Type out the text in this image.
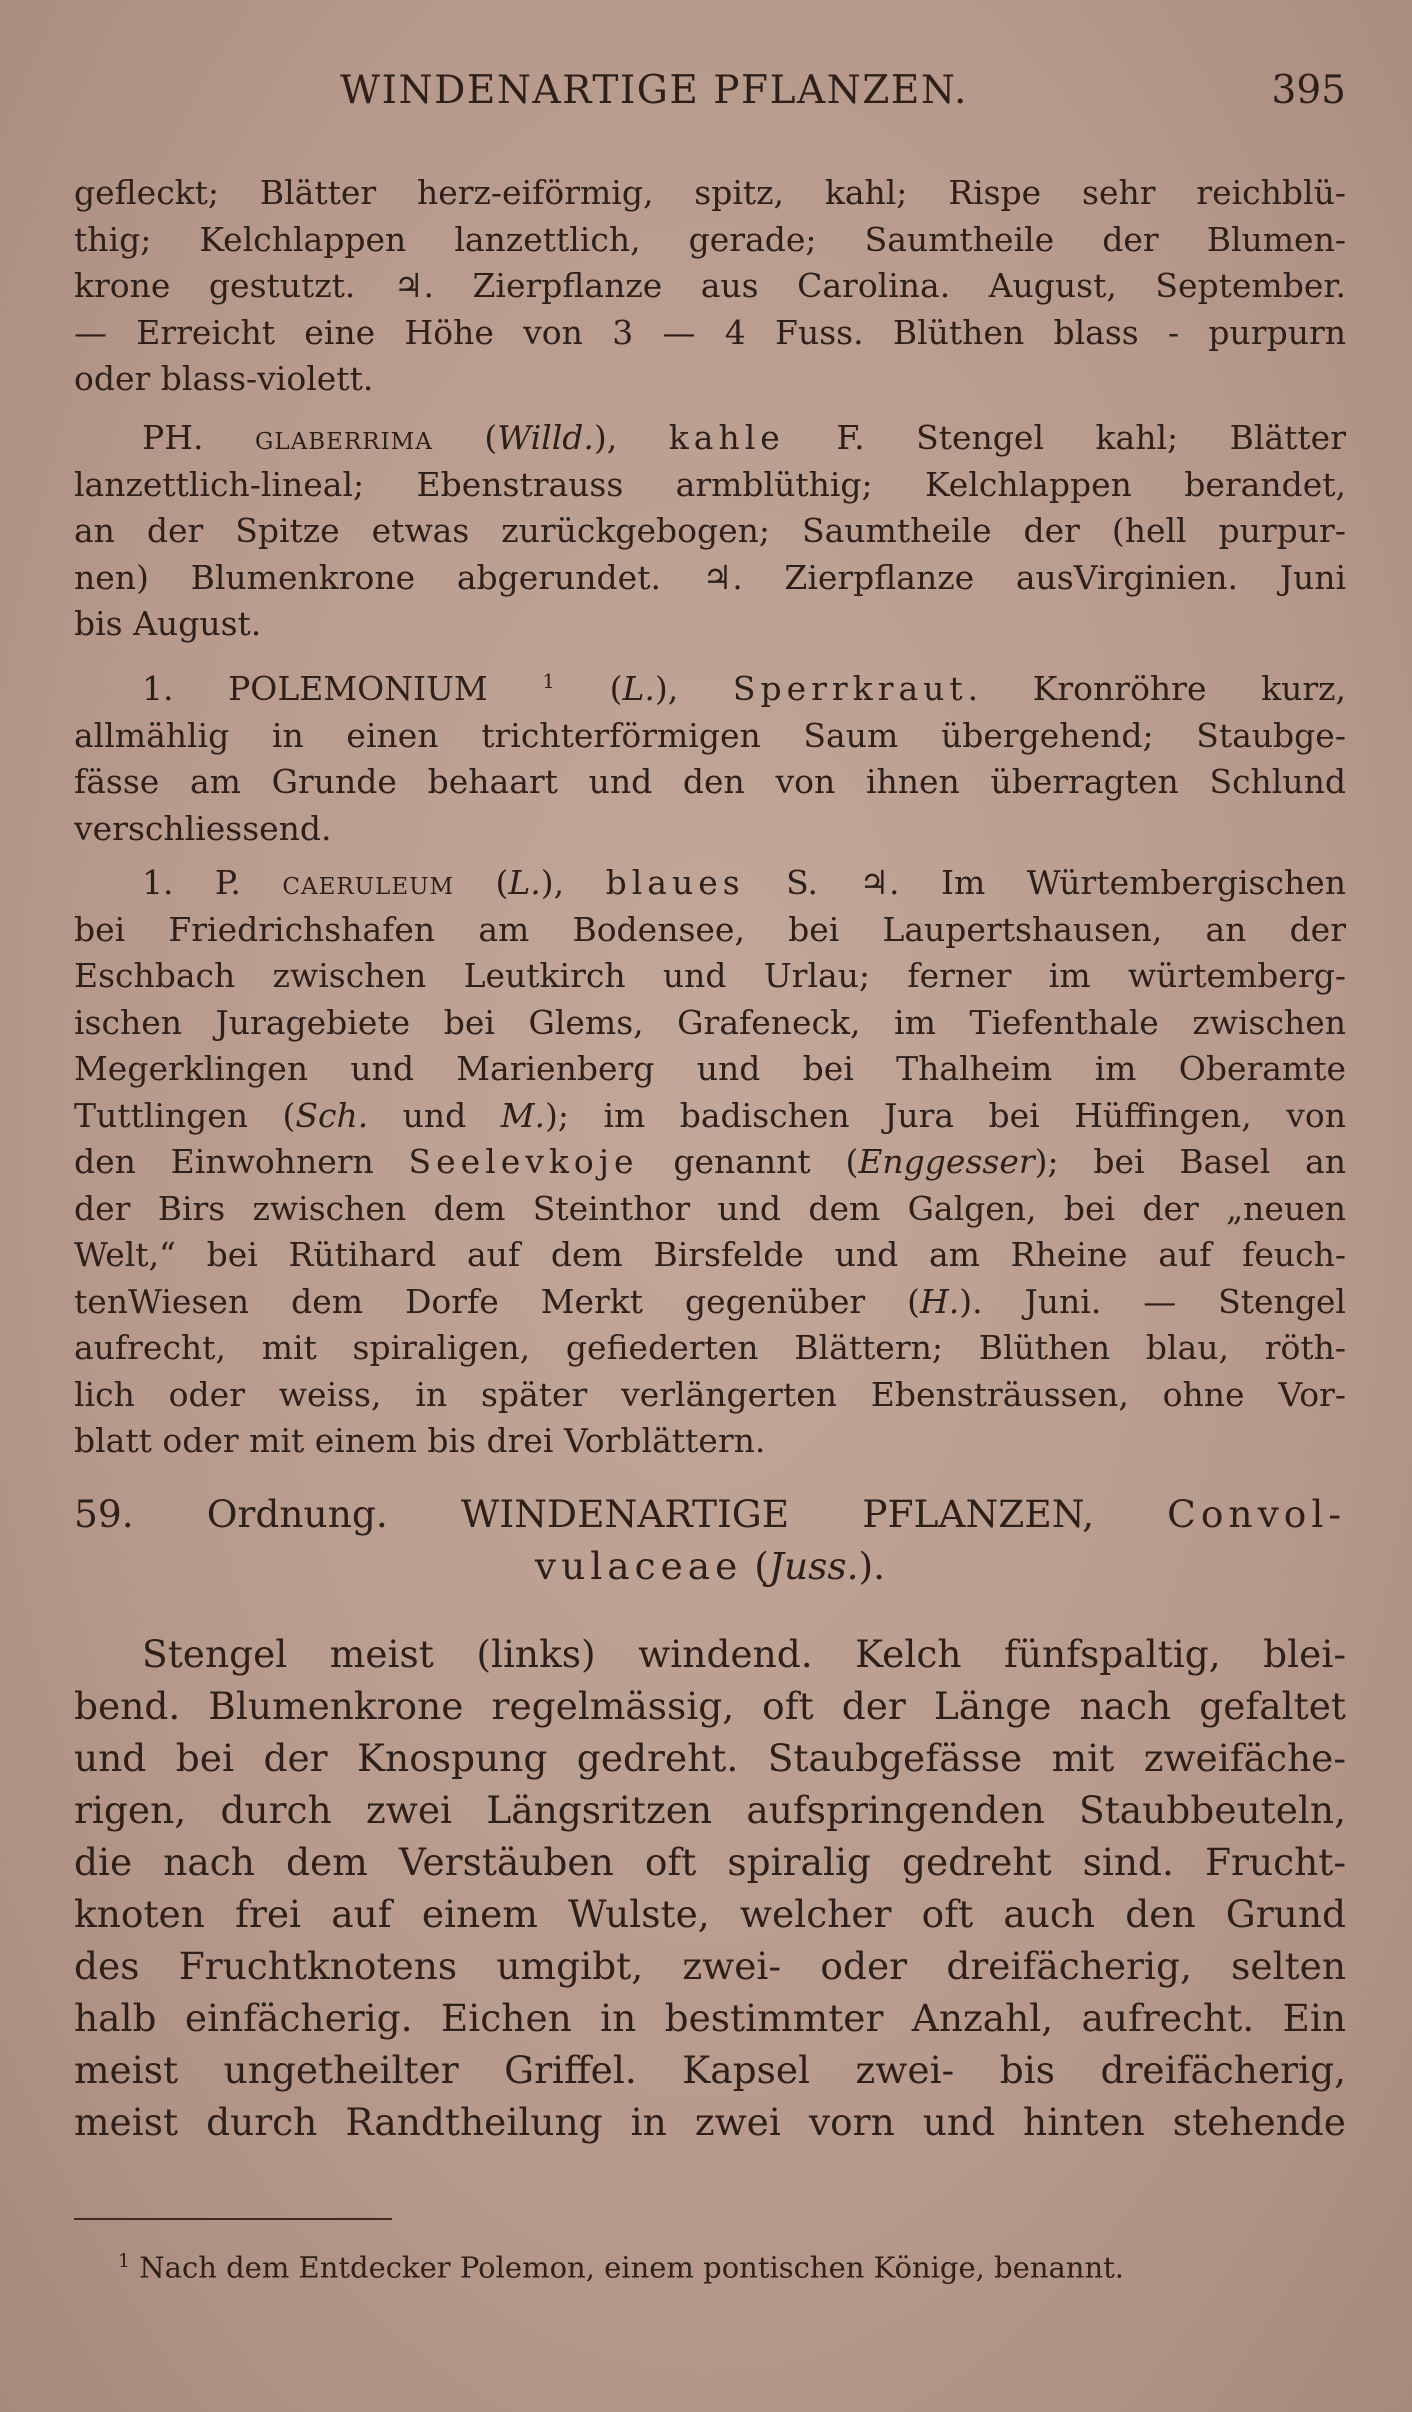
WINDENARTIGE PFLANZEN.	395
gefleckt; Blätter herz-eiförmig, spitz, kahl; Rispe sehr reichblü-
thig; Kelchlappen lanzettlich, gerade; Saumtheile der Blumen-
krone gestutzt. ♃. Zierpflanze aus Carolina. August, September.
— Erreicht eine Höhe von 3 — 4 Fuss. Blüthen blass - purpurn
oder blass-violett.
PH. glaberrima (Willd.), kahle F. Stengel kahl; Blätter
lanzettlich-lineal; Ebenstrauss armblüthig; Kelchlappen berandet,
an der Spitze etwas zurückgebogen; Saumtheile der (hell purpur-
nen) Blumenkrone abgerundet. ♃. Zierpflanze ausVirginien. Juni
bis August.
1. POLEMONIUM $^1$ (L.), Sperrkraut. Kronröhre kurz,
allmählig in einen trichterförmigen Saum übergehend; Staubge-
fässe am Grunde behaart und den von ihnen überragten Schlund
verschliessend.
1. P. caeruleum (L.), blaues S. ♃. Im Würtembergischen
bei Friedrichshafen am Bodensee, bei Laupertshausen, an der
Eschbach zwischen Leutkirch und Urlau; ferner im würtemberg-
ischen Juragebiete bei Glems, Grafeneck, im Tiefenthale zwischen
Megerklingen und Marienberg und bei Thalheim im Oberamte
Tuttlingen (Sch. und M.); im badischen Jura bei Hüffingen, von
den Einwohnern Seelevkoje genannt (Enggesser); bei Basel an
der Birs zwischen dem Steinthor und dem Galgen, bei der „neuen
Welt,“ bei Rütihard auf dem Birsfelde und am Rheine auf feuch-
tenWiesen dem Dorfe Merkt gegenüber (H.). Juni. — Stengel
aufrecht, mit spiraligen, gefiederten Blättern; Blüthen blau, röth-
lich oder weiss, in später verlängerten Ebensträussen, ohne Vor-
blatt oder mit einem bis drei Vorblättern.
59. Ordnung. WINDENARTIGE PFLANZEN, Convol-
vulaceae (Juss.).
Stengel meist (links) windend. Kelch fünfspaltig, blei-
bend. Blumenkrone regelmässig, oft der Länge nach gefaltet
und bei der Knospung gedreht. Staubgefässe mit zweifäche-
rigen, durch zwei Längsritzen aufspringenden Staubbeuteln,
die nach dem Verstäuben oft spiralig gedreht sind. Frucht-
knoten frei auf einem Wulste, welcher oft auch den Grund
des Fruchtknotens umgibt, zwei- oder dreifächerig, selten
halb einfächerig. Eichen in bestimmter Anzahl, aufrecht. Ein
meist ungetheilter Griffel. Kapsel zwei- bis dreifächerig,
meist durch Randtheilung in zwei vorn und hinten stehende
$^1$ Nach dem Entdecker Polemon, einem pontischen Könige, benannt.
